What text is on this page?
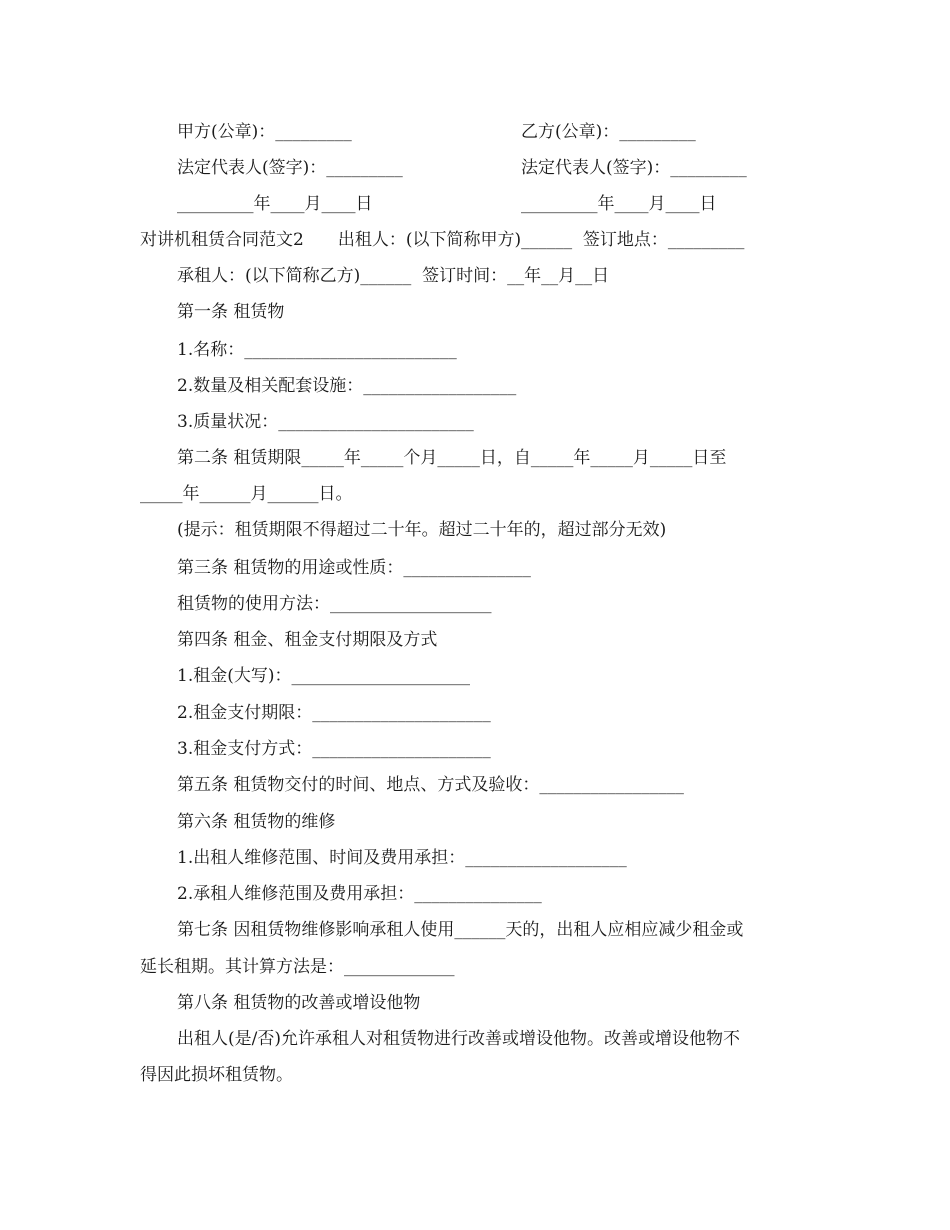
甲方(公章)：_________	乙方(公章)：_________
法定代表人(签字)：_________	法定代表人(签字)：_________
_________年____月____日	_________年____月____日
对讲机租赁合同范文2　　出租人：(以下简称甲方)______  签订地点：_________
承租人：(以下简称乙方)______  签订时间：__年__月__日
第一条 租赁物
1.名称：_________________________
2.数量及相关配套设施：__________________
3.质量状况：_______________________
第二条 租赁期限_____年_____个月_____日，自_____年_____月_____日至
_____年______月______日。
(提示：租赁期限不得超过二十年。超过二十年的，超过部分无效)
第三条 租赁物的用途或性质：_______________
租赁物的使用方法：___________________
第四条 租金、租金支付期限及方式
1.租金(大写)：_____________________
2.租金支付期限：_____________________
3.租金支付方式：_____________________
第五条 租赁物交付的时间、地点、方式及验收：_________________
第六条 租赁物的维修
1.出租人维修范围、时间及费用承担：___________________
2.承租人维修范围及费用承担：_______________
第七条 因租赁物维修影响承租人使用______天的，出租人应相应减少租金或
延长租期。其计算方法是：_____________
第八条 租赁物的改善或增设他物
出租人(是/否)允许承租人对租赁物进行改善或增设他物。改善或增设他物不
得因此损坏租赁物。
